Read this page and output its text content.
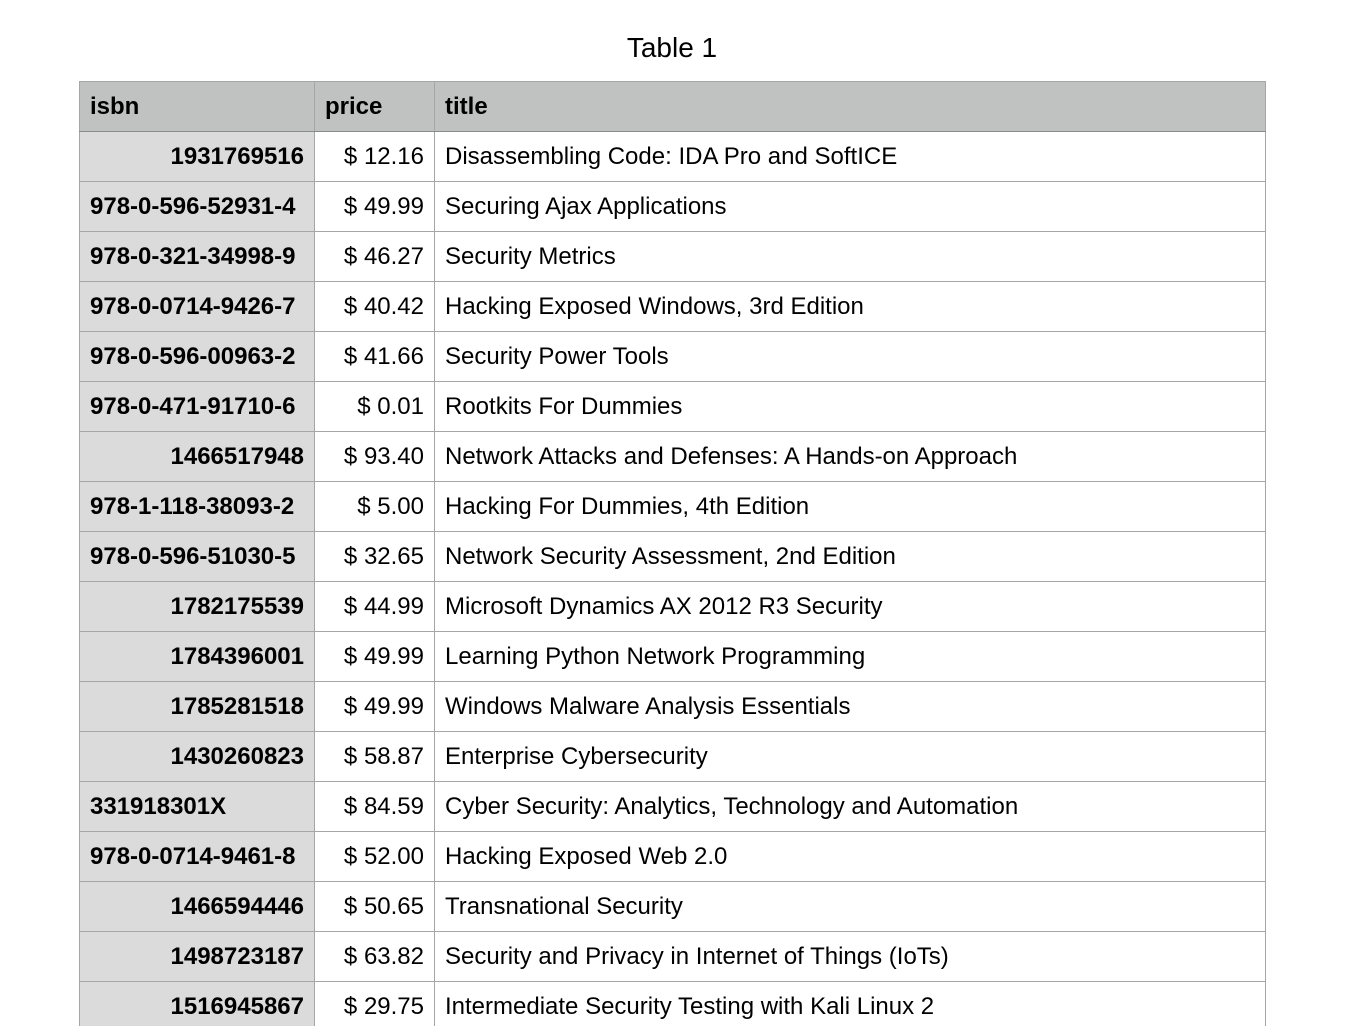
Table 1
isbn	price	title
1931769516	$ 12.16	Disassembling Code: IDA Pro and SoftICE
978-0-596-52931-4	$ 49.99	Securing Ajax Applications
978-0-321-34998-9	$ 46.27	Security Metrics
978-0-0714-9426-7	$ 40.42	Hacking Exposed Windows, 3rd Edition
978-0-596-00963-2	$ 41.66	Security Power Tools
978-0-471-91710-6	$ 0.01	Rootkits For Dummies
1466517948	$ 93.40	Network Attacks and Defenses: A Hands-on Approach
978-1-118-38093-2	$ 5.00	Hacking For Dummies, 4th Edition
978-0-596-51030-5	$ 32.65	Network Security Assessment, 2nd Edition
1782175539	$ 44.99	Microsoft Dynamics AX 2012 R3 Security
1784396001	$ 49.99	Learning Python Network Programming
1785281518	$ 49.99	Windows Malware Analysis Essentials
1430260823	$ 58.87	Enterprise Cybersecurity
331918301X	$ 84.59	Cyber Security: Analytics, Technology and Automation
978-0-0714-9461-8	$ 52.00	Hacking Exposed Web 2.0
1466594446	$ 50.65	Transnational Security
1498723187	$ 63.82	Security and Privacy in Internet of Things (IoTs)
1516945867	$ 29.75	Intermediate Security Testing with Kali Linux 2
